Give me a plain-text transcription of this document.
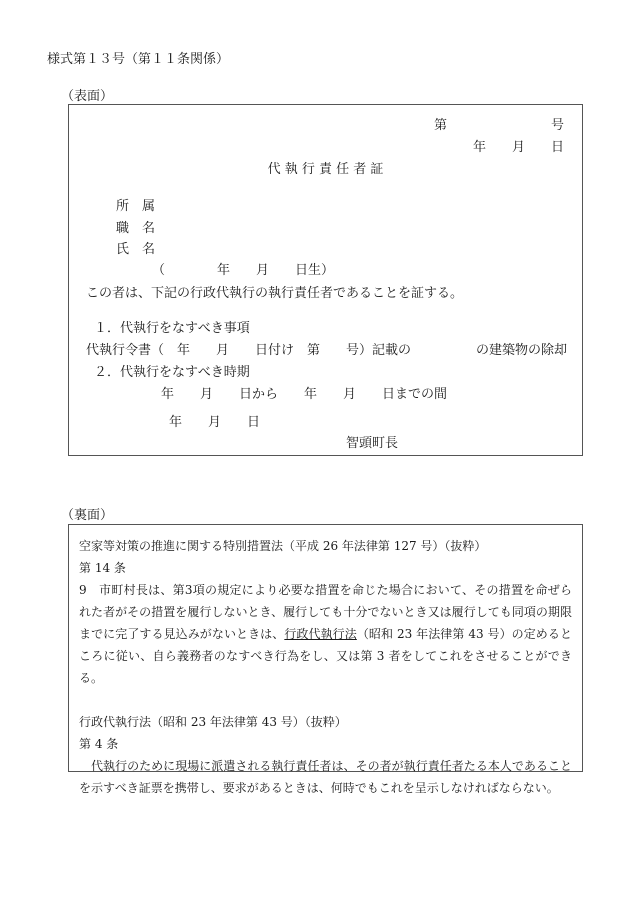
様式第１３号（第１１条関係）
（表面）
第　　　　　　　　号
年　　月　　日
代 執 行 責 任 者 証
所　属
職　名
氏　名
（　　　　年　　月　　日生）
この者は、下記の行政代執行の執行責任者であることを証する。
１．代執行をなすべき事項
代執行令書（　年　　月　　日付け　第　　号）記載の　　　　　の建築物の除却
２．代執行をなすべき時期
年　　月　　日から　　年　　月　　日までの間
年　　月　　日
智頭町長
（裏面）

空家等対策の推進に関する特別措置法（平成 26 年法律第 127 号）（抜粋）

第 14 条

9　市町村長は、第3項の規定により必要な措置を命じた場合において、その措置を命ぜられた者がその措置を履行しないとき、履行しても十分でないとき又は履行しても同項の期限までに完了する見込みがないときは、行政代執行法（昭和 23 年法律第 43 号）の定めるところに従い、自ら義務者のなすべき行為をし、又は第 3 者をしてこれをさせることができる。

行政代執行法（昭和 23 年法律第 43 号）（抜粋）

第 4 条

　代執行のために現場に派遣される執行責任者は、その者が執行責任者たる本人であることを示すべき証票を携帯し、要求があるときは、何時でもこれを呈示しなければならない。
